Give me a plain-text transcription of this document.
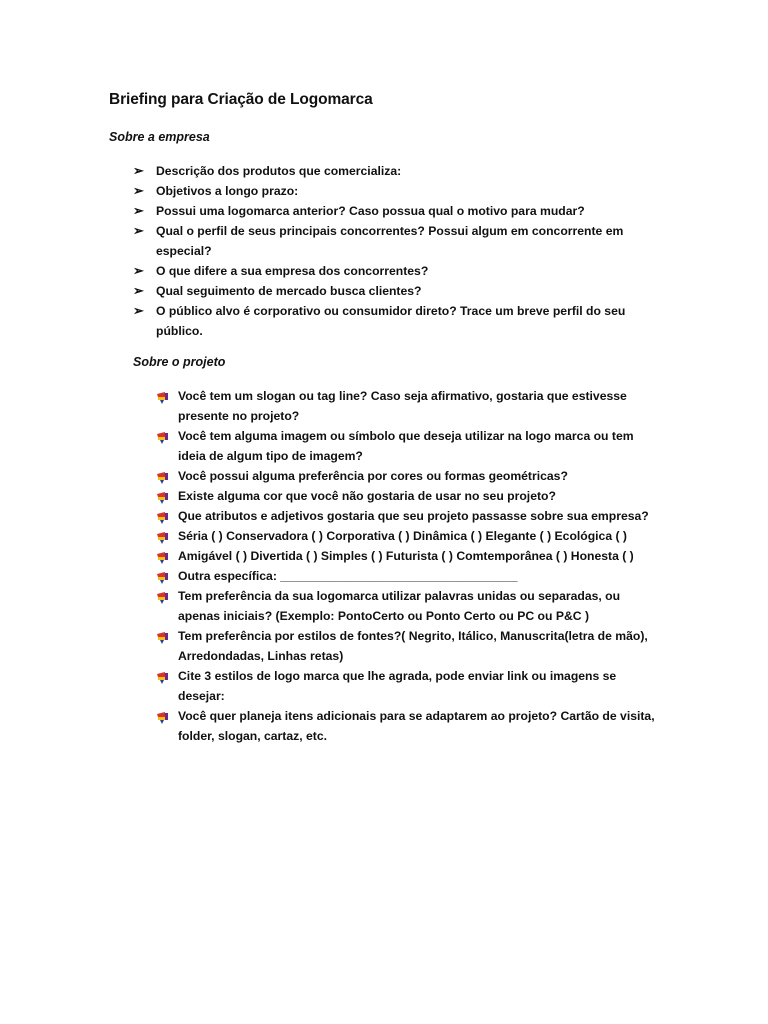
Briefing para Criação de Logomarca
Sobre a empresa
➢ Descrição dos produtos que comercializa:
➢ Objetivos a longo prazo:
➢ Possui uma logomarca anterior? Caso possua qual o motivo para mudar?
➢ Qual o perfil de seus principais concorrentes? Possui algum em concorrente em especial?
➢ O que difere a sua empresa dos concorrentes?
➢ Qual seguimento de mercado busca clientes?
➢ O público alvo é corporativo ou consumidor direto? Trace um breve perfil do seu público.
Sobre o projeto
Você tem um slogan ou tag line? Caso seja afirmativo, gostaria que estivesse presente no projeto?
Você tem alguma imagem ou símbolo que deseja utilizar na logo marca ou tem ideia de algum tipo de imagem?
Você possui alguma preferência por cores ou formas geométricas?
Existe alguma cor que você não gostaria de usar no seu projeto?
Que atributos e adjetivos gostaria que seu projeto passasse sobre sua empresa?
Séria ( ) Conservadora ( ) Corporativa ( ) Dinâmica ( ) Elegante ( ) Ecológica ( )
Amigável ( ) Divertida ( ) Simples ( ) Futurista ( ) Comtemporânea ( ) Honesta ( )
Outra específica: ___________________________________
Tem preferência da sua logomarca utilizar palavras unidas ou separadas, ou apenas iniciais? (Exemplo: PontoCerto ou Ponto Certo ou PC ou P&C )
Tem preferência por estilos de fontes?( Negrito, Itálico, Manuscrita(letra de mão), Arredondadas, Linhas retas)
Cite 3 estilos de logo marca que lhe agrada, pode enviar link ou imagens se desejar:
Você quer planeja itens adicionais para se adaptarem ao projeto? Cartão de visita, folder, slogan, cartaz, etc.
